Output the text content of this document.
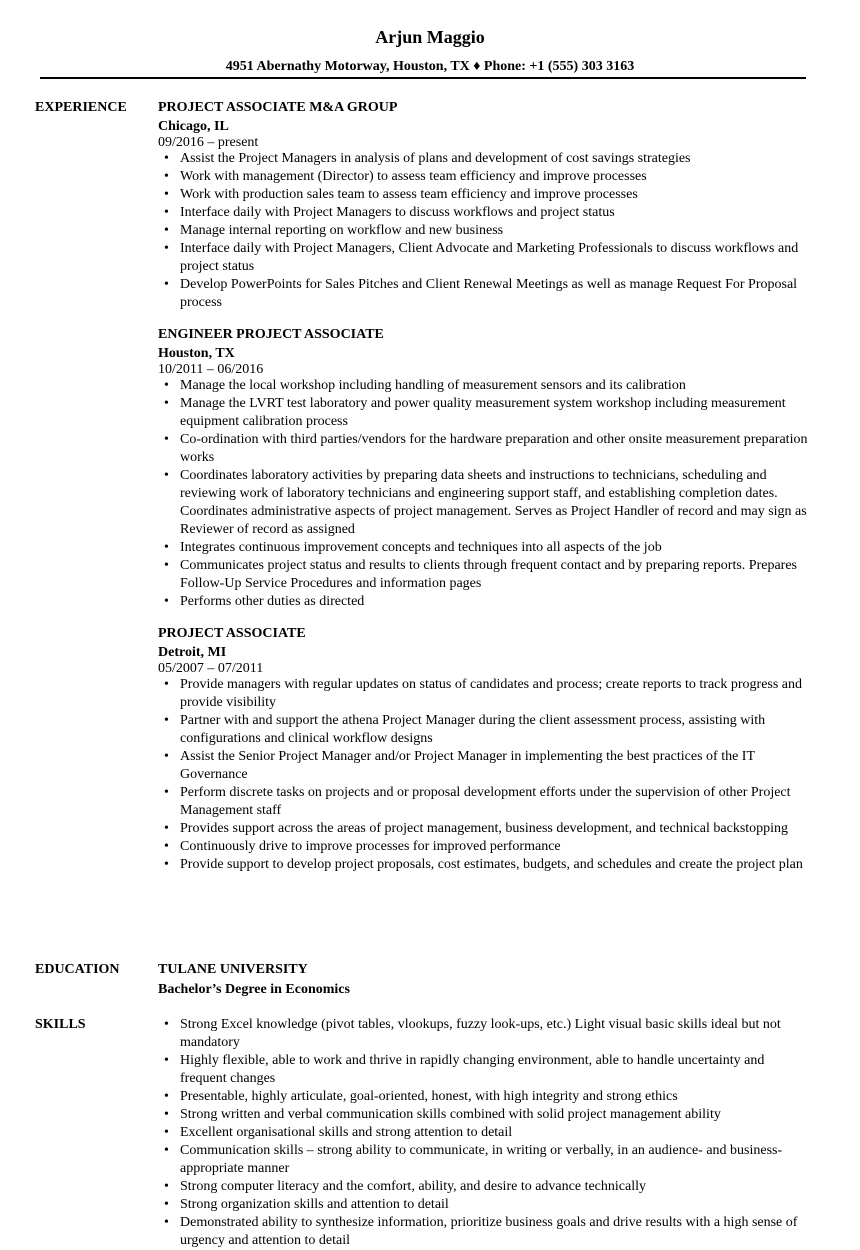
Arjun Maggio
4951 Abernathy Motorway, Houston, TX ♦ Phone: +1 (555) 303 3163
EXPERIENCE PROJECT ASSOCIATE M&A GROUP
Chicago, IL
09/2016 – present
• Assist the Project Managers in analysis of plans and development of cost savings strategies
• Work with management (Director) to assess team efficiency and improve processes
• Work with production sales team to assess team efficiency and improve processes
• Interface daily with Project Managers to discuss workflows and project status
• Manage internal reporting on workflow and new business
• Interface daily with Project Managers, Client Advocate and Marketing Professionals to discuss workflows and project status
• Develop PowerPoints for Sales Pitches and Client Renewal Meetings as well as manage Request For Proposal process
ENGINEER PROJECT ASSOCIATE
Houston, TX
10/2011 – 06/2016
• Manage the local workshop including handling of measurement sensors and its calibration
• Manage the LVRT test laboratory and power quality measurement system workshop including measurement equipment calibration process
• Co-ordination with third parties/vendors for the hardware preparation and other onsite measurement preparation works
• Coordinates laboratory activities by preparing data sheets and instructions to technicians, scheduling and reviewing work of laboratory technicians and engineering support staff, and establishing completion dates. Coordinates administrative aspects of project management. Serves as Project Handler of record and may sign as Reviewer of record as assigned
• Integrates continuous improvement concepts and techniques into all aspects of the job
• Communicates project status and results to clients through frequent contact and by preparing reports. Prepares Follow-Up Service Procedures and information pages
• Performs other duties as directed
PROJECT ASSOCIATE
Detroit, MI
05/2007 – 07/2011
• Provide managers with regular updates on status of candidates and process; create reports to track progress and provide visibility
• Partner with and support the athena Project Manager during the client assessment process, assisting with configurations and clinical workflow designs
• Assist the Senior Project Manager and/or Project Manager in implementing the best practices of the IT Governance
• Perform discrete tasks on projects and or proposal development efforts under the supervision of other Project Management staff
• Provides support across the areas of project management, business development, and technical backstopping
• Continuously drive to improve processes for improved performance
• Provide support to develop project proposals, cost estimates, budgets, and schedules and create the project plan
EDUCATION	TULANE UNIVERSITY
Bachelor’s Degree in Economics
SKILLS	• Strong Excel knowledge (pivot tables, vlookups, fuzzy look-ups, etc.) Light visual basic skills ideal but not mandatory
• Highly flexible, able to work and thrive in rapidly changing environment, able to handle uncertainty and frequent changes
• Presentable, highly articulate, goal-oriented, honest, with high integrity and strong ethics
• Strong written and verbal communication skills combined with solid project management ability
• Excellent organisational skills and strong attention to detail
• Communication skills – strong ability to communicate, in writing or verbally, in an audience- and business-appropriate manner
• Strong computer literacy and the comfort, ability, and desire to advance technically
• Strong organization skills and attention to detail
• Demonstrated ability to synthesize information, prioritize business goals and drive results with a high sense of urgency and attention to detail
